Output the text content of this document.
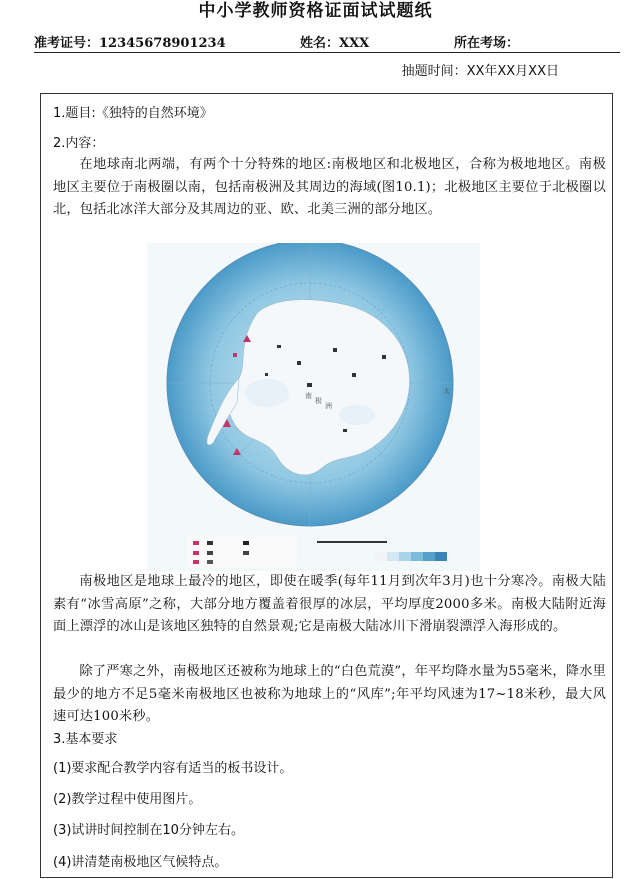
中小学教师资格证面试试题纸
准考证号：12345678901234	姓名：XXX	所在考场：
抽题时间：XX年XX月XX日
1.题目:《独特的自然环境》
2.内容：

在地球南北两端，有两个十分特殊的地区:南极地区和北极地区，合称为极地地区。南极地区主要位于南极圈以南，包括南极洲及其周边的海域(图10.1)；北极地区主要位于北极圈以北，包括北冰洋大部分及其周边的亚、欧、北美三洲的部分地区。

南
极
洲
太

南极地区是地球上最冷的地区，即使在暖季(每年11月到次年3月)也十分寒冷。南极大陆素有“冰雪高原”之称，大部分地方覆盖着很厚的冰层，平均厚度2000多米。南极大陆附近海面上漂浮的冰山是该地区独特的自然景观;它是南极大陆冰川下滑崩裂漂浮入海形成的。

除了严寒之外，南极地区还被称为地球上的“白色荒漠”，年平均降水量为55毫米，降水里最少的地方不足5毫米南极地区也被称为地球上的“风库”;年平均风速为17~18米秒，最大风速可达100米秒。

3.基本要求
(1)要求配合教学内容有适当的板书设计。
(2)教学过程中使用图片。
(3)试讲时间控制在10分钟左右。
(4)讲清楚南极地区气候特点。
